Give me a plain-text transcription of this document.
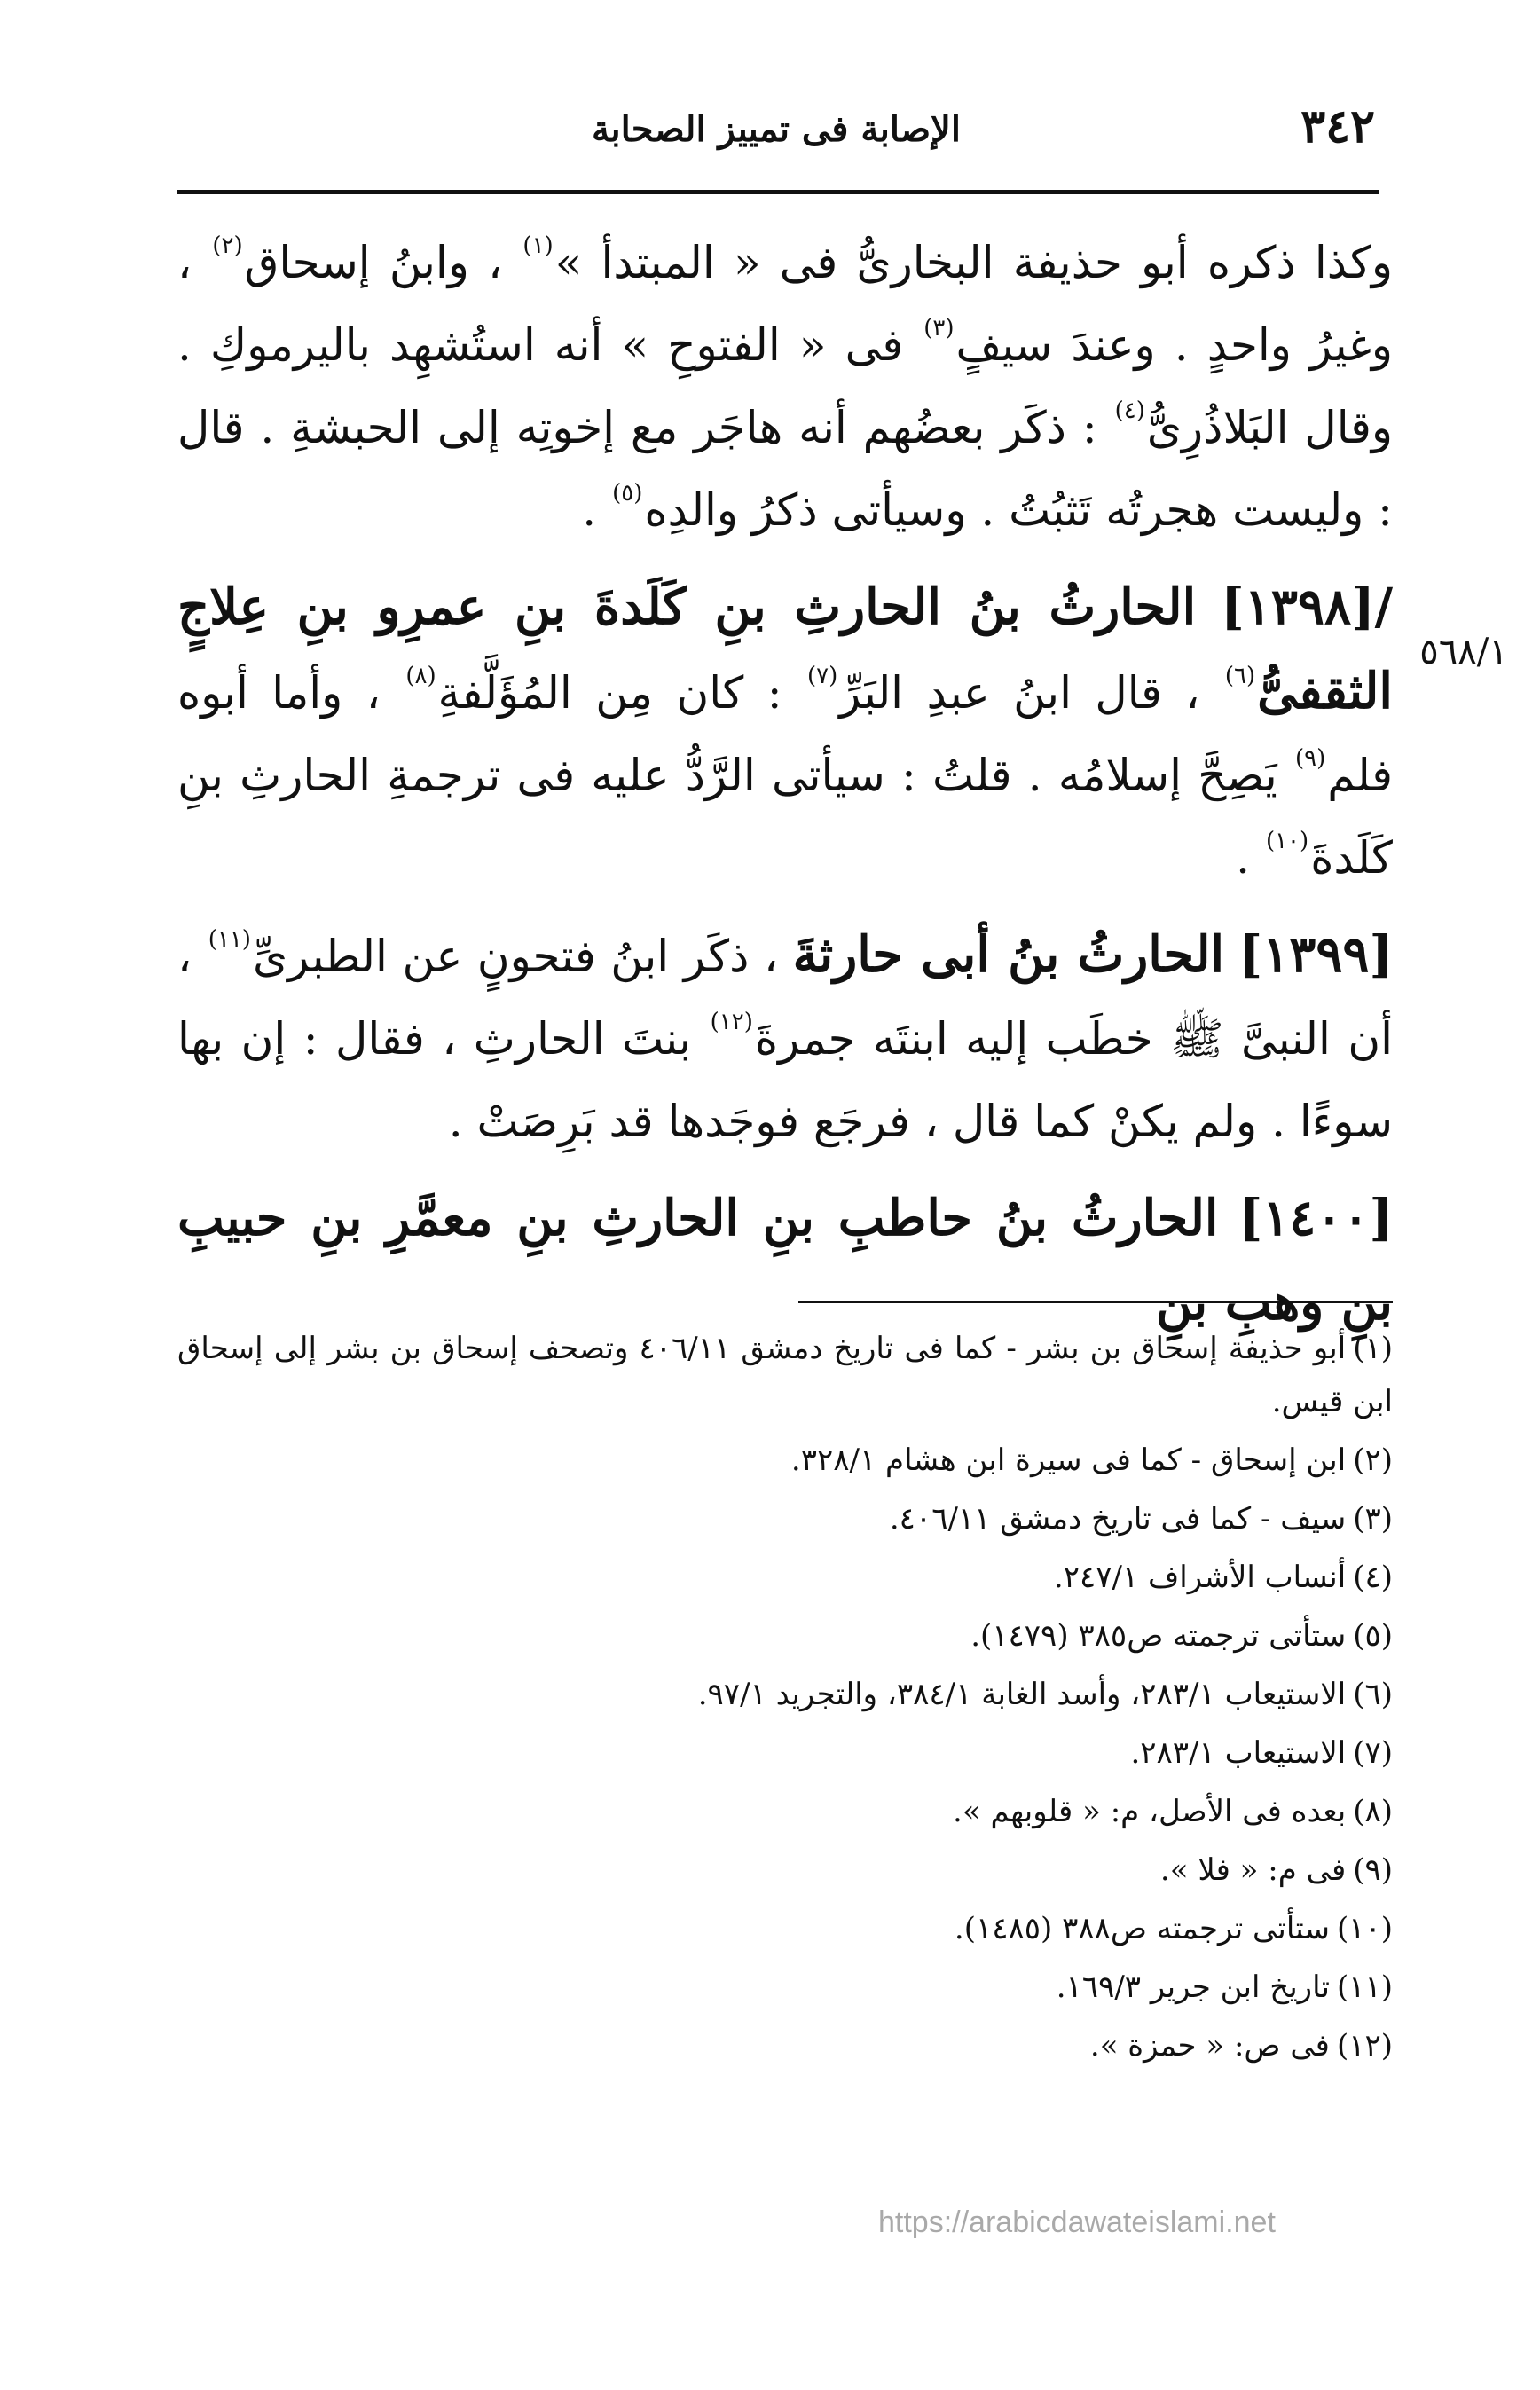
٣٤٢
الإصابة فى تمييز الصحابة
٥٦٨/١

وكذا ذكره أبو حذيفة البخارىُّ فى « المبتدأ »$^{(١)}$ ، وابنُ إسحاق$^{(٢)}$ ، وغيرُ واحدٍ . وعندَ سيفٍ$^{(٣)}$ فى « الفتوحِ » أنه استُشهِد باليرموكِ . وقال البَلاذُرِىُّ$^{(٤)}$ : ذكَر بعضُهم أنه هاجَر مع إخوتِه إلى الحبشةِ . قال : وليست هجرتُه تَثبُتُ . وسيأتى ذكرُ والدِه$^{(٥)}$ .

/[١٣٩٨] الحارثُ بنُ الحارثِ بنِ كَلَدةَ بنِ عمرِو بنِ عِلاجٍ الثقفىُّ$^{(٦)}$ ، قال ابنُ عبدِ البَرِّ$^{(٧)}$ : كان مِن المُؤَلَّفةِ$^{(٨)}$ ، وأما أبوه فلم$^{(٩)}$ يَصِحَّ إسلامُه . قلتُ : سيأتى الرَّدُّ عليه فى ترجمةِ الحارثِ بنِ كَلَدةَ$^{(١٠)}$ .

[١٣٩٩] الحارثُ بنُ أبى حارثةَ ، ذكَر ابنُ فتحونٍ عن الطبرىِّ$^{(١١)}$ ، أن النبىَّ ﷺ خطَب إليه ابنتَه جمرةَ$^{(١٢)}$ بنتَ الحارثِ ، فقال : إن بها سوءًا . ولم يكنْ كما قال ، فرجَع فوجَدها قد بَرِصَتْ .

[١٤٠٠] الحارثُ بنُ حاطبِ بنِ الحارثِ بنِ معمَّرِ بنِ حبيبِ بنِ وهبِ بنِ

(١)أبو حذيفة إسحاق بن بشر - كما فى تاريخ دمشق ٤٠٦/١١ وتصحف إسحاق بن بشر إلى إسحاق ابن قيس.

(٢)ابن إسحاق - كما فى سيرة ابن هشام ٣٢٨/١.

(٣)سيف - كما فى تاريخ دمشق ٤٠٦/١١.

(٤)أنساب الأشراف ٢٤٧/١.

(٥)ستأتى ترجمته ص٣٨٥ (١٤٧٩).

(٦)الاستيعاب ٢٨٣/١، وأسد الغابة ٣٨٤/١، والتجريد ٩٧/١.

(٧)الاستيعاب ٢٨٣/١.

(٨)بعده فى الأصل، م: « قلوبهم ».

(٩)فى م: « فلا ».

(١٠)ستأتى ترجمته ص٣٨٨ (١٤٨٥).

(١١)تاريخ ابن جرير ١٦٩/٣.

(١٢)فى ص: « حمزة ».

https://arabicdawateislami.net
